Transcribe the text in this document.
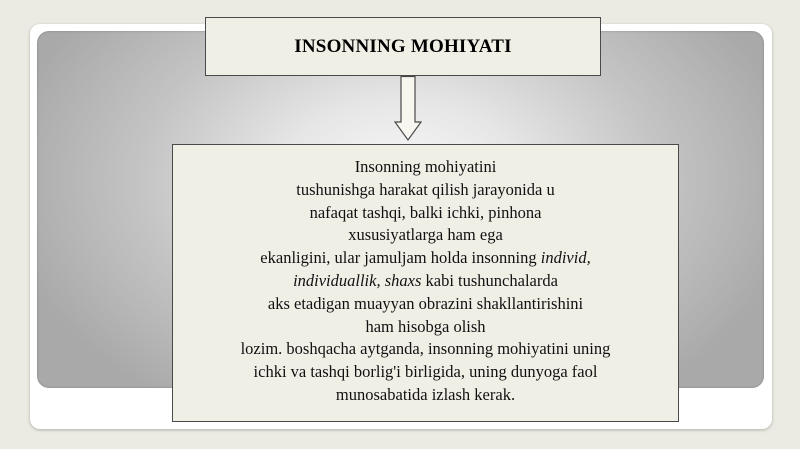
INSONNING MOHIYATI
Insonning mohiyatini
tushunishga harakat qilish jarayonida u
nafaqat tashqi, balki ichki, pinhona
xususiyatlarga ham ega
ekanligini, ular jamuljam holda insonning individ,
individuallik, shaxs kabi tushunchalarda
aks etadigan muayyan obrazini shakllantirishini
ham hisobga olish
lozim. boshqacha aytganda, insonning mohiyatini uning
ichki va tashqi borlig'i birligida, uning dunyoga faol
munosabatida izlash kerak.
